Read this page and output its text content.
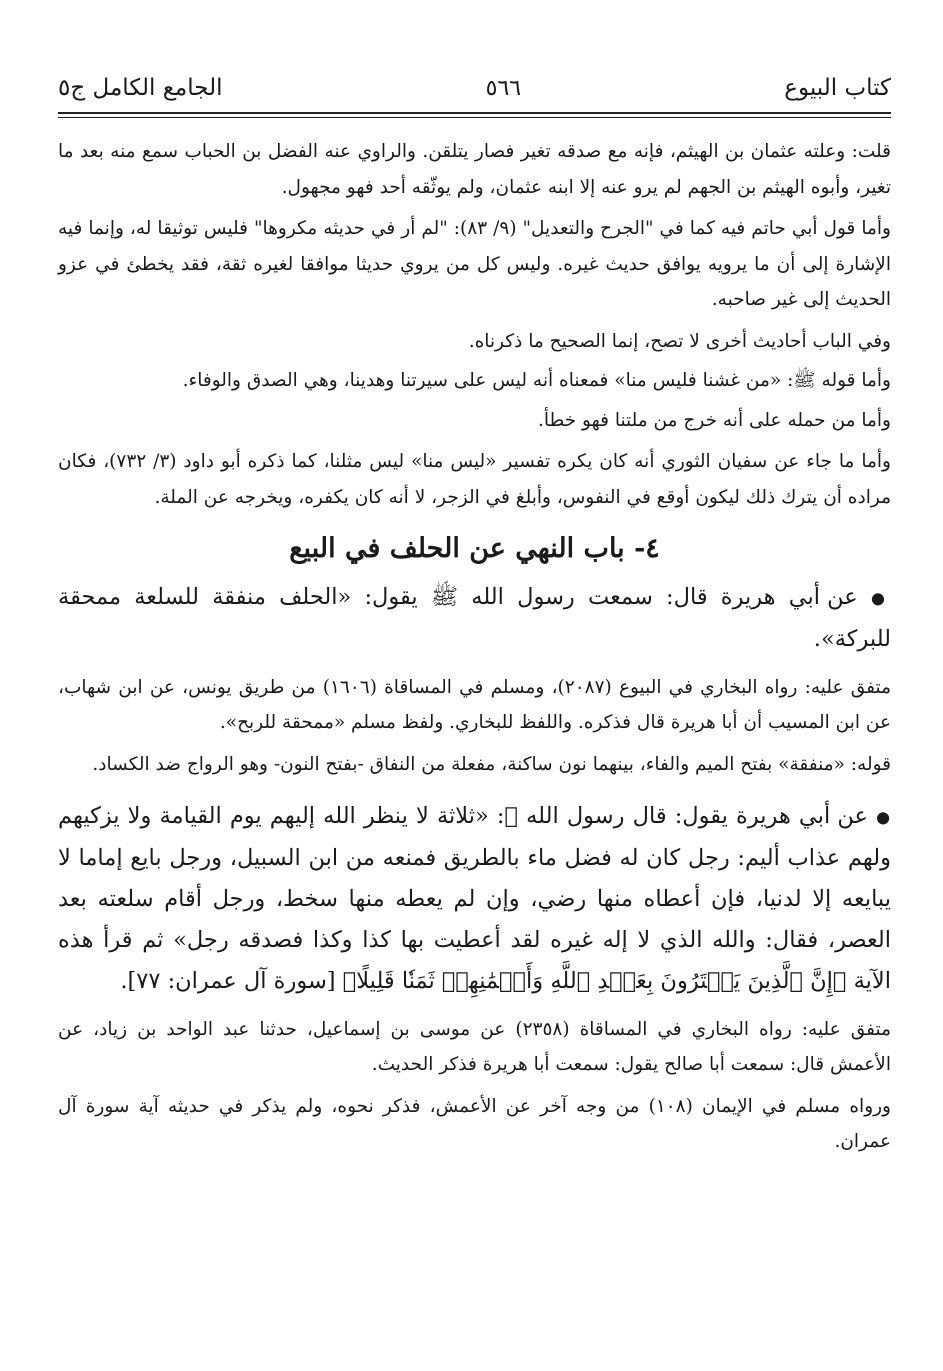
كتاب البيوع
٥٦٦
الجامع الكامل ج٥

قلت: وعلته عثمان بن الهيثم، فإنه مع صدقه تغير فصار يتلقن. والراوي عنه الفضل بن الحباب سمع منه بعد ما تغير، وأبوه الهيثم بن الجهم لم يرو عنه إلا ابنه عثمان، ولم يوثّقه أحد فهو مجهول.

وأما قول أبي حاتم فيه كما في "الجرح والتعديل" (٩/ ٨٣): "لم أر في حديثه مكروها" فليس توثيقا له، وإنما فيه الإشارة إلى أن ما يرويه يوافق حديث غيره. وليس كل من يروي حديثا موافقا لغيره ثقة، فقد يخطئ في عزو الحديث إلى غير صاحبه.

وفي الباب أحاديث أخرى لا تصح، إنما الصحيح ما ذكرناه.

وأما قوله ﷺ: «من غشنا فليس منا» فمعناه أنه ليس على سيرتنا وهدينا، وهي الصدق والوفاء.

وأما من حمله على أنه خرج من ملتنا فهو خطأ.

وأما ما جاء عن سفيان الثوري أنه كان يكره تفسير «ليس منا» ليس مثلنا، كما ذكره أبو داود (٣/ ٧٣٢)، فكان مراده أن يترك ذلك ليكون أوقع في النفوس، وأبلغ في الزجر، لا أنه كان يكفره، ويخرجه عن الملة.

٤- باب النهي عن الحلف في البيع

● عن أبي هريرة قال: سمعت رسول الله ﷺ يقول: «الحلف منفقة للسلعة ممحقة للبركة».

متفق عليه: رواه البخاري في البيوع (٢٠٨٧)، ومسلم في المساقاة (١٦٠٦) من طريق يونس، عن ابن شهاب، عن ابن المسيب أن أبا هريرة قال فذكره. واللفظ للبخاري. ولفظ مسلم «ممحقة للربح».

قوله: «منفقة» بفتح الميم والفاء، بينهما نون ساكنة، مفعلة من النفاق -بفتح النون- وهو الرواج ضد الكساد.

● عن أبي هريرة يقول: قال رسول الله ﷺ: «ثلاثة لا ينظر الله إليهم يوم القيامة ولا يزكيهم ولهم عذاب أليم: رجل كان له فضل ماء بالطريق فمنعه من ابن السبيل، ورجل بايع إماما لا يبايعه إلا لدنيا، فإن أعطاه منها رضي، وإن لم يعطه منها سخط، ورجل أقام سلعته بعد العصر، فقال: والله الذي لا إله غيره لقد أعطيت بها كذا وكذا فصدقه رجل» ثم قرأ هذه الآية ﴿إِنَّ ٱلَّذِينَ يَشۡتَرُونَ بِعَهۡدِ ٱللَّهِ وَأَيۡمَٰنِهِمۡ ثَمَنٗا قَلِيلًا﴾ [سورة آل عمران: ٧٧].

متفق عليه: رواه البخاري في المساقاة (٢٣٥٨) عن موسى بن إسماعيل، حدثنا عبد الواحد بن زياد، عن الأعمش قال: سمعت أبا صالح يقول: سمعت أبا هريرة فذكر الحديث.

ورواه مسلم في الإيمان (١٠٨) من وجه آخر عن الأعمش، فذكر نحوه، ولم يذكر في حديثه آية سورة آل عمران.
